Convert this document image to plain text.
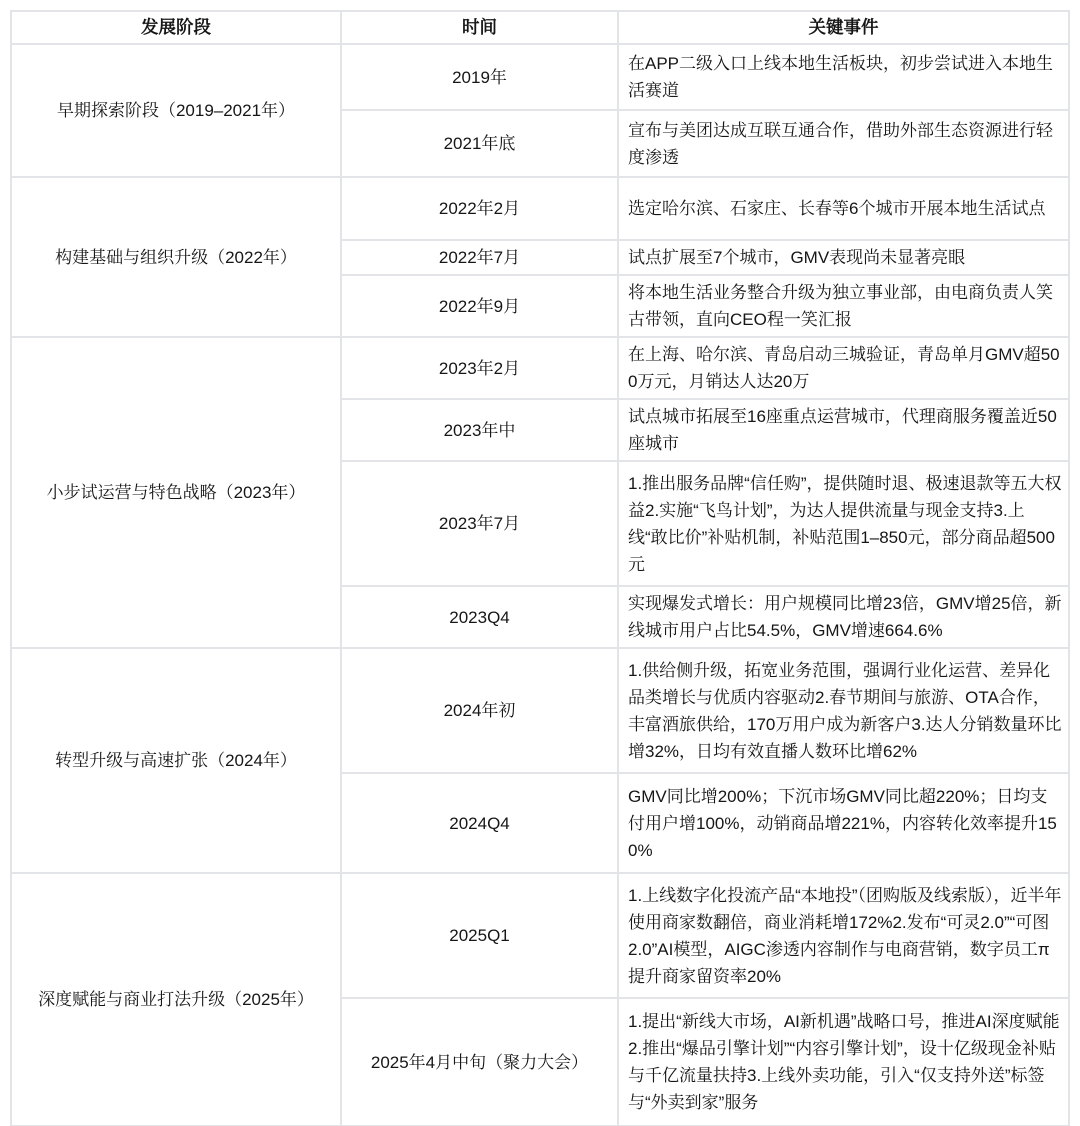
发展阶段	时间	关键事件
早期探索阶段（2019–2021年）	2019年	在APP二级入口上线本地生活板块，初步尝试进入本地生活赛道
	2021年底	宣布与美团达成互联互通合作，借助外部生态资源进行轻度渗透
构建基础与组织升级（2022年）	2022年2月	选定哈尔滨、石家庄、长春等6个城市开展本地生活试点
	2022年7月	试点扩展至7个城市，GMV表现尚未显著亮眼
	2022年9月	将本地生活业务整合升级为独立事业部，由电商负责人笑古带领，直向CEO程一笑汇报
小步试运营与特色战略（2023年）	2023年2月	在上海、哈尔滨、青岛启动三城验证，青岛单月GMV超500万元，月销达人达20万
	2023年中	试点城市拓展至16座重点运营城市，代理商服务覆盖近50座城市
	2023年7月	1.推出服务品牌“信任购”，提供随时退、极速退款等五大权益2.实施“飞鸟计划”，为达人提供流量与现金支持3.上线“敢比价”补贴机制，补贴范围1–850元，部分商品超500元
	2023Q4	实现爆发式增长：用户规模同比增23倍，GMV增25倍，新线城市用户占比54.5%，GMV增速664.6%
转型升级与高速扩张（2024年）	2024年初	1.供给侧升级，拓宽业务范围，强调行业化运营、差异化品类增长与优质内容驱动2.春节期间与旅游、OTA合作，丰富酒旅供给，170万用户成为新客户3.达人分销数量环比增32%，日均有效直播人数环比增62%
	2024Q4	GMV同比增200%；下沉市场GMV同比超220%；日均支付用户增100%，动销商品增221%，内容转化效率提升150%
深度赋能与商业打法升级（2025年）	2025Q1	1.上线数字化投流产品“本地投”（团购版及线索版），近半年使用商家数翻倍，商业消耗增172%2.发布“可灵2.0”“可图2.0”AI模型，AIGC渗透内容制作与电商营销，数字员工π提升商家留资率20%
	2025年4月中旬（聚力大会）	1.提出“新线大市场，AI新机遇”战略口号，推进AI深度赋能2.推出“爆品引擎计划”“内容引擎计划”，设十亿级现金补贴与千亿流量扶持3.上线外卖功能，引入“仅支持外送”标签与“外卖到家”服务
